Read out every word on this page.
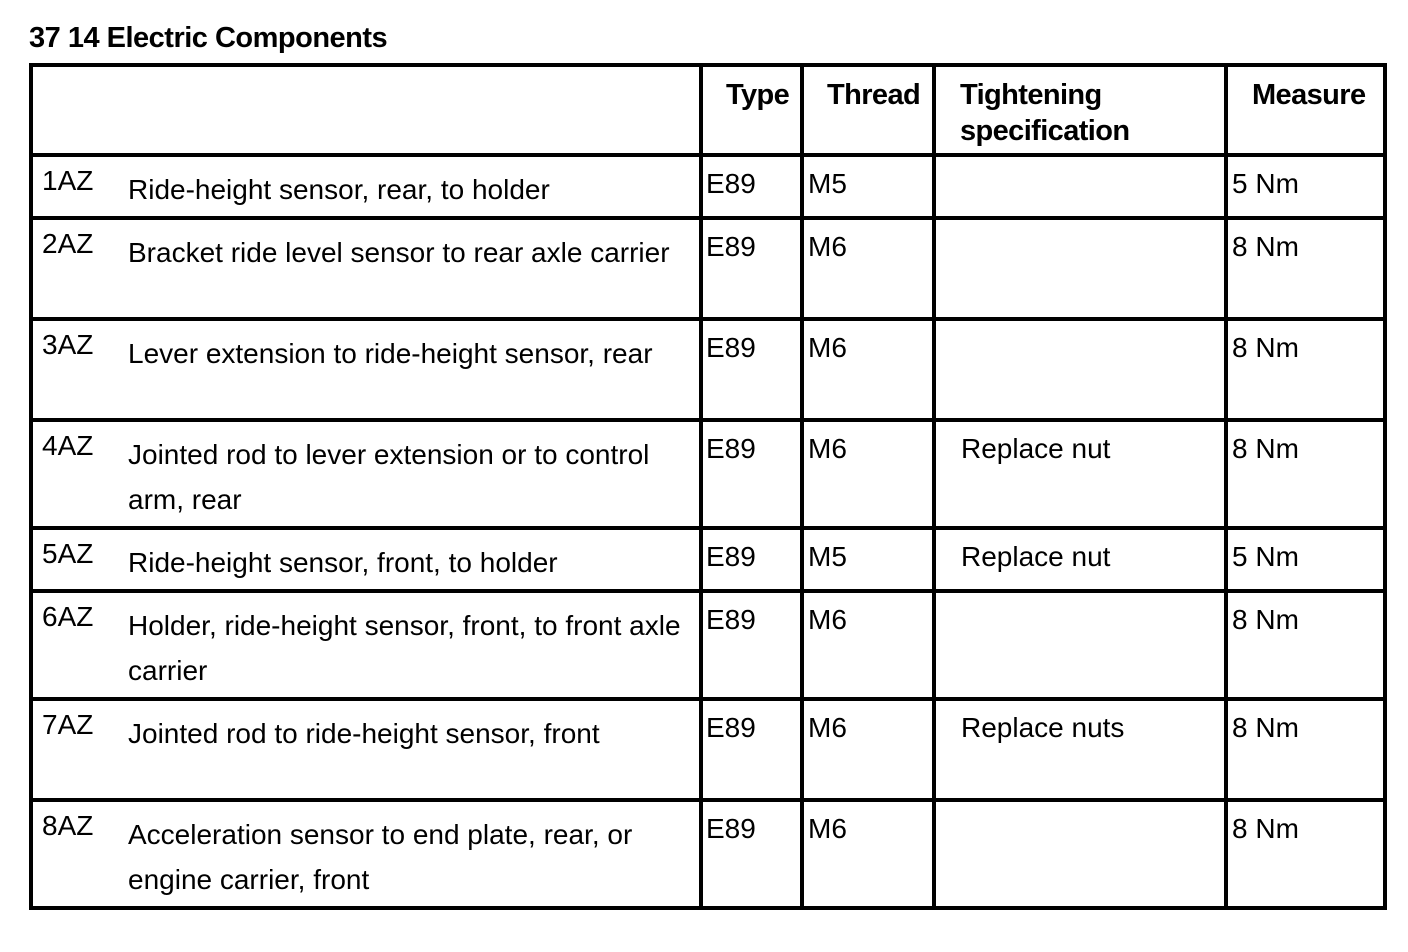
37 14 Electric Components

	Type	Thread	Tightening specification	Measure

1AZ Ride-height sensor, rear, to holder	E89	M5		5 Nm

2AZ Bracket ride level sensor to rear axle carrier	E89	M6		8 Nm

3AZ Lever extension to ride-height sensor, rear	E89	M6		8 Nm

4AZ Jointed rod to lever extension or to control arm, rear	E89	M6	Replace nut	8 Nm

5AZ Ride-height sensor, front, to holder	E89	M5	Replace nut	5 Nm

6AZ Holder, ride-height sensor, front, to front axle carrier	E89	M6		8 Nm

7AZ Jointed rod to ride-height sensor, front	E89	M6	Replace nuts	8 Nm

8AZ Acceleration sensor to end plate, rear, or engine carrier, front	E89	M6		8 Nm
